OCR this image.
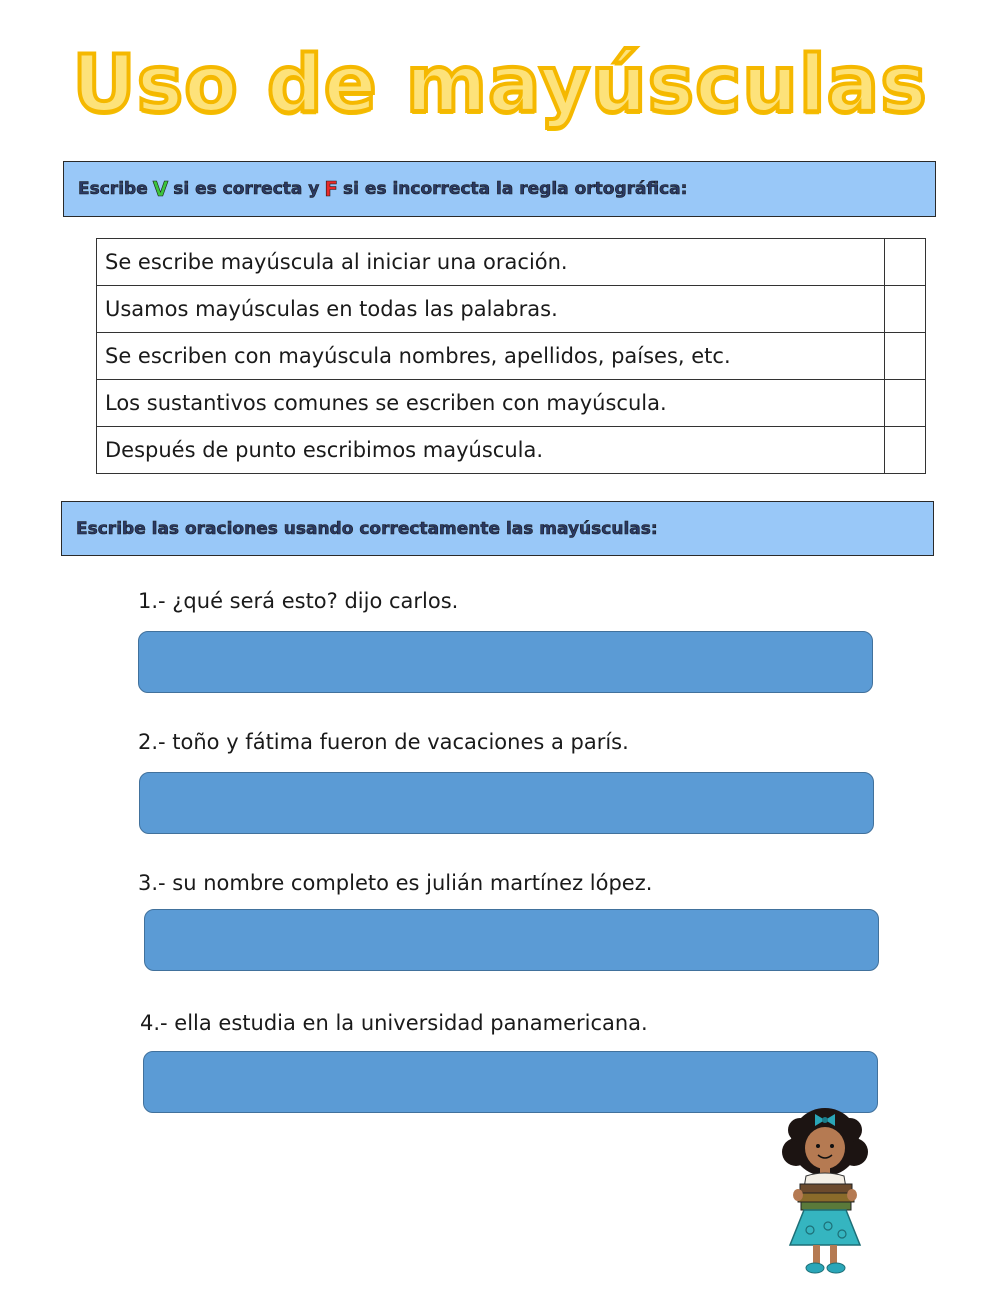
Uso de mayúsculas
Escribe V si es correcta y F si es incorrecta la regla ortográfica:
Se escribe mayúscula al iniciar una oración.	
Usamos mayúsculas en todas las palabras.	
Se escriben con mayúscula nombres, apellidos, países, etc.	
Los sustantivos comunes se escriben con mayúscula.	
Después de punto escribimos mayúscula.	
Escribe las oraciones usando correctamente las mayúsculas:
1.- ¿qué será esto? dijo carlos.
2.- toño y fátima fueron de vacaciones a parís.
3.- su nombre completo es julián martínez lópez.
4.- ella estudia en la universidad panamericana.
